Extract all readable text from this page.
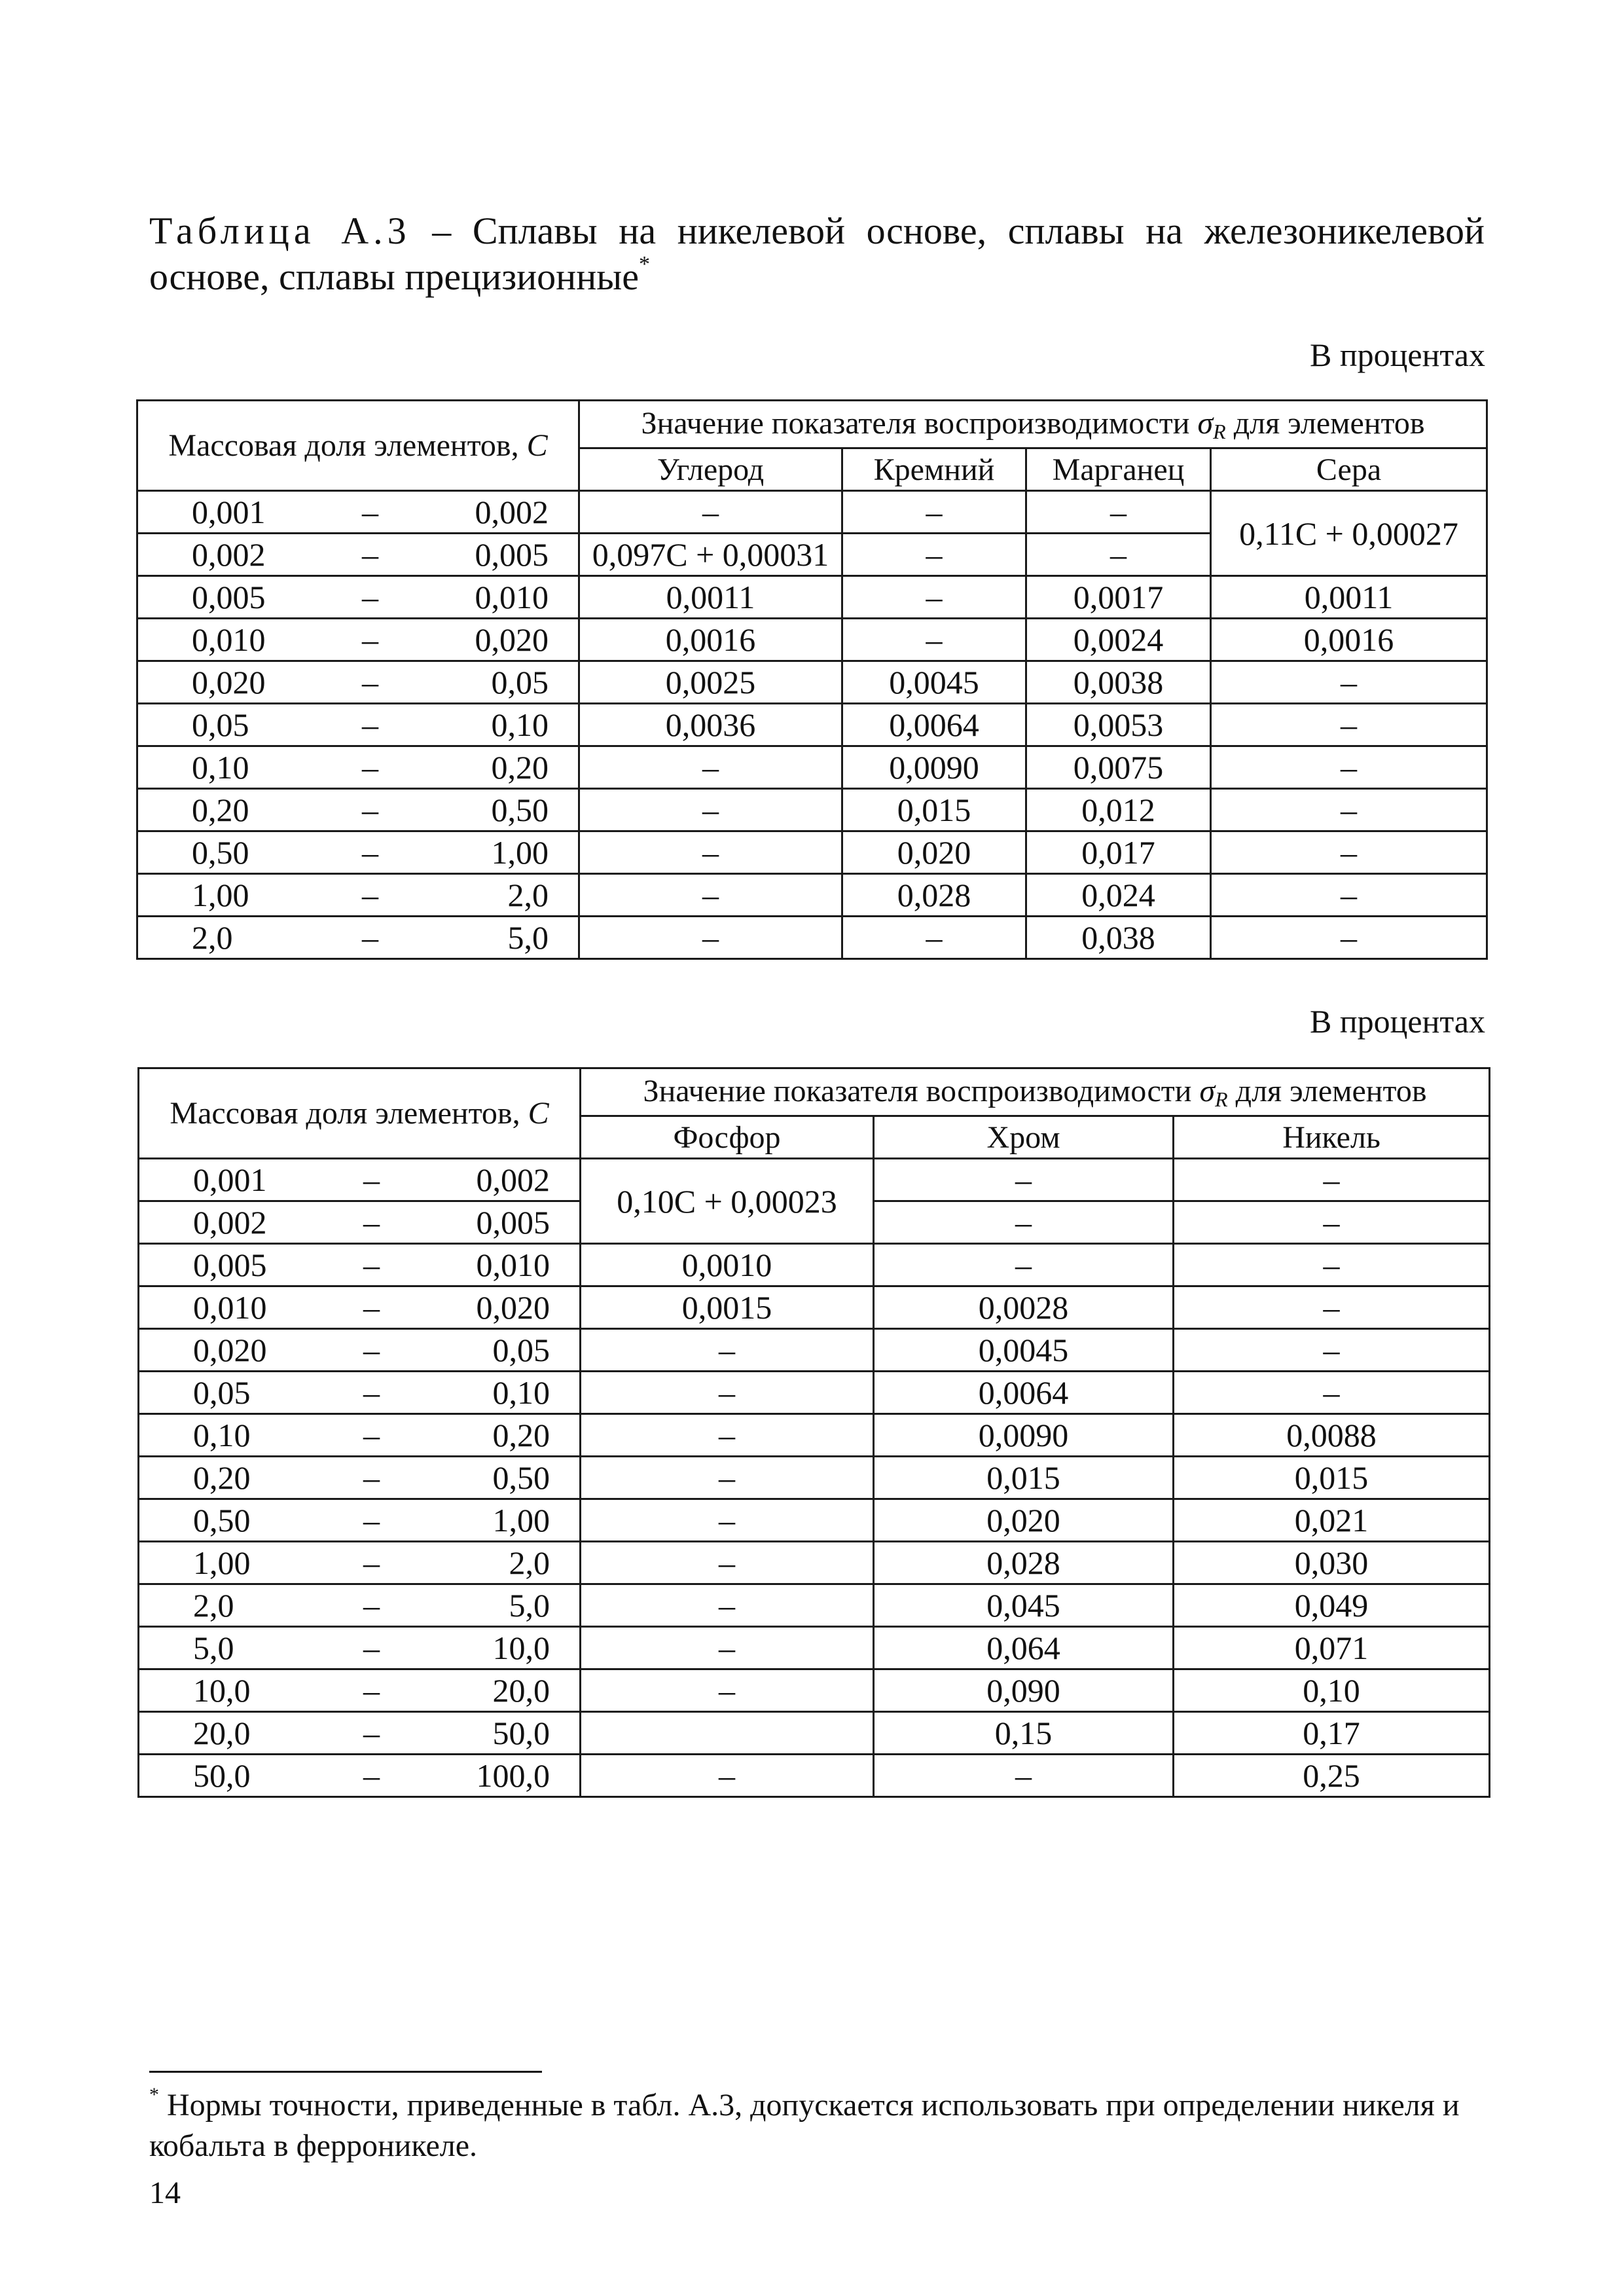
Таблица А.3 – Сплавы на никелевой основе, сплавы на железоникелевой основе, сплавы прецизионные*
В процентах
Массовая доля элементов, C	Значение показателя воспроизводимости $\sigma_R$ для элементов			
	Углерод	Кремний	Марганец	Сера

0,001 – 0,002	–	–	–	0,11C + 0,00027

0,002 – 0,005	0,097C + 0,00031	–	–	

0,005 – 0,010	0,0011	–	0,0017	0,0011

0,010 – 0,020	0,0016	–	0,0024	0,0016

0,020 – 0,05	0,0025	0,0045	0,0038	–

0,05 – 0,10	0,0036	0,0064	0,0053	–

0,10 – 0,20	–	0,0090	0,0075	–

0,20 – 0,50	–	0,015	0,012	–

0,50 – 1,00	–	0,020	0,017	–

1,00 – 2,0	–	0,028	0,024	–

2,0 – 5,0	–	–	0,038	–
В процентах
Массовая доля элементов, C	Значение показателя воспроизводимости $\sigma_R$ для элементов		
	Фосфор	Хром	Никель

0,001 – 0,002	0,10C + 0,00023	–	–

0,002 – 0,005		–	–

0,005 – 0,010	0,0010	–	–

0,010 – 0,020	0,0015	0,0028	–

0,020 – 0,05	–	0,0045	–

0,05 – 0,10	–	0,0064	–

0,10 – 0,20	–	0,0090	0,0088

0,20 – 0,50	–	0,015	0,015

0,50 – 1,00	–	0,020	0,021

1,00 – 2,0	–	0,028	0,030

2,0 – 5,0	–	0,045	0,049

5,0 – 10,0	–	0,064	0,071

10,0 – 20,0	–	0,090	0,10

20,0 – 50,0		0,15	0,17

50,0 – 100,0	–	–	0,25
* Нормы точности, приведенные в табл. А.3, допускается использовать при определении никеля и кобальта в ферроникеле.
14
